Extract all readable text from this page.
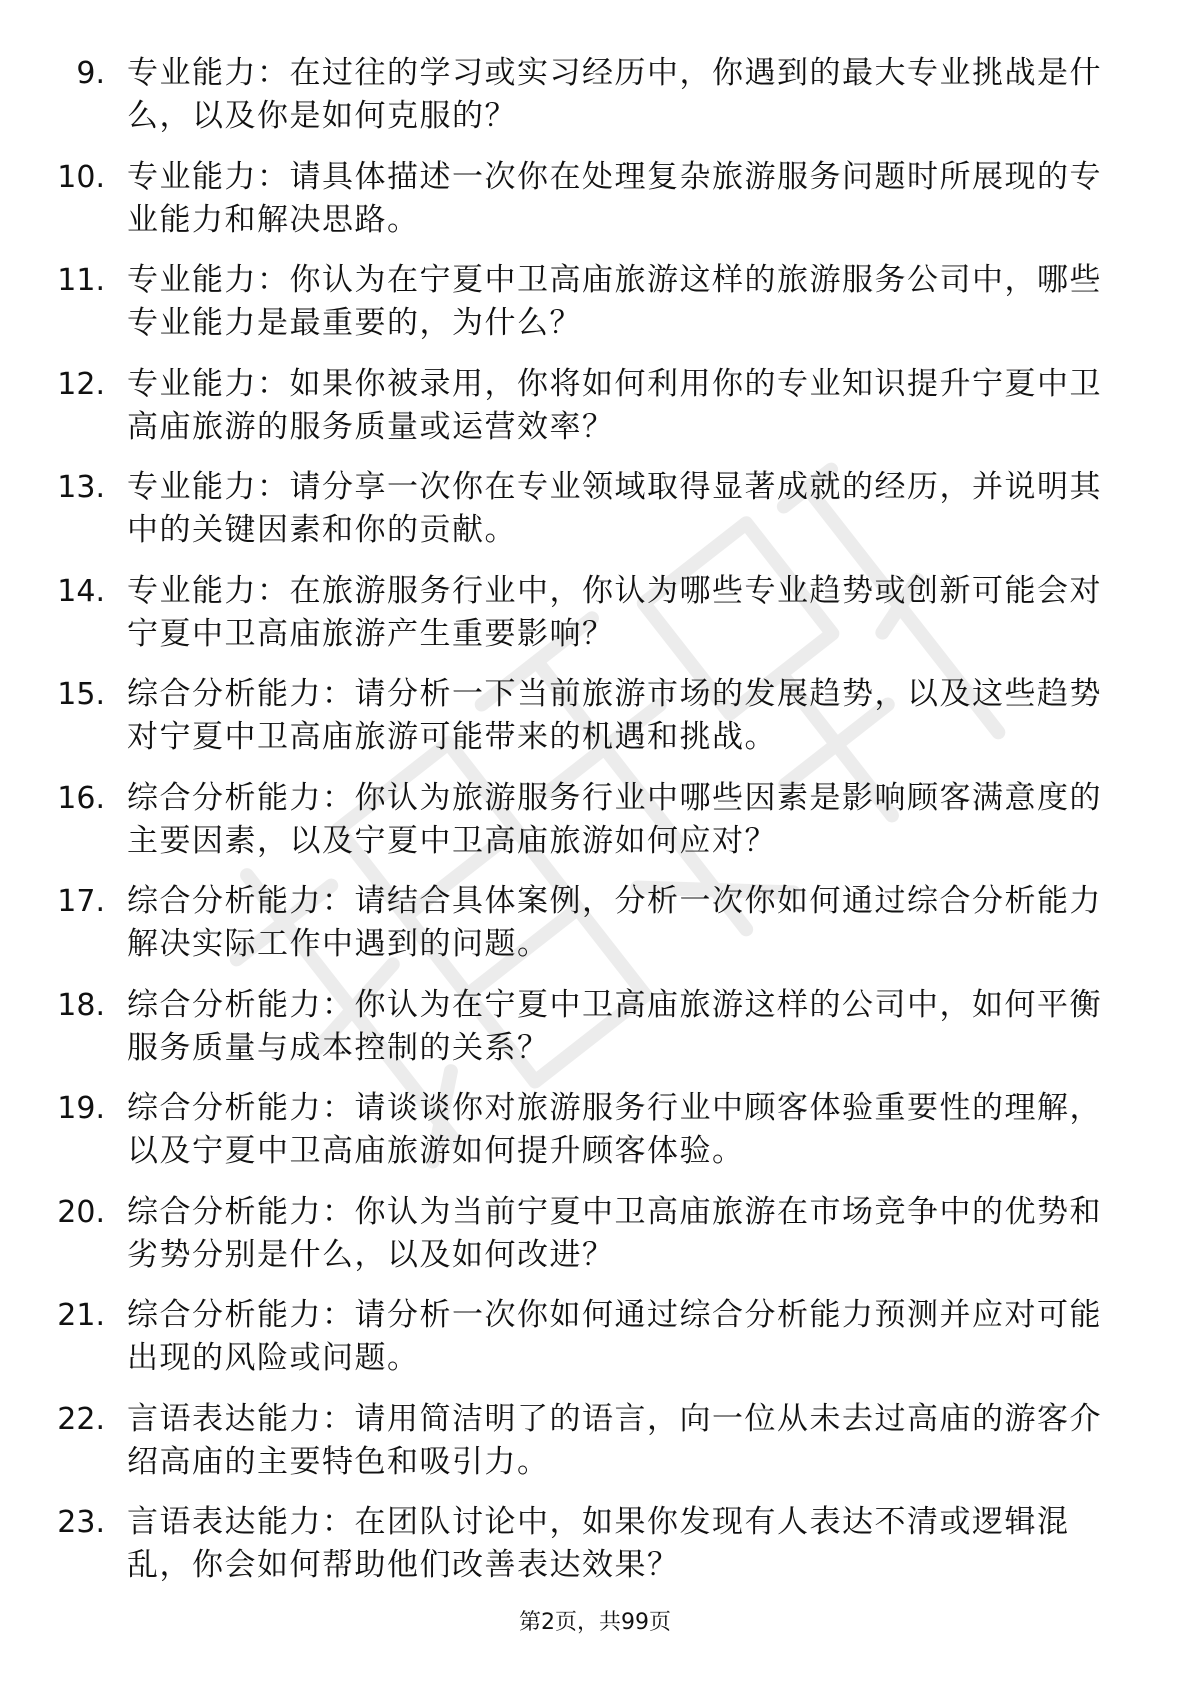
9. 专业能力：在过往的学习或实习经历中，你遇到的最大专业挑战是什么，以及你是如何克服的？
10. 专业能力：请具体描述一次你在处理复杂旅游服务问题时所展现的专业能力和解决思路。
11. 专业能力：你认为在宁夏中卫高庙旅游这样的旅游服务公司中，哪些专业能力是最重要的，为什么？
12. 专业能力：如果你被录用，你将如何利用你的专业知识提升宁夏中卫高庙旅游的服务质量或运营效率？
13. 专业能力：请分享一次你在专业领域取得显著成就的经历，并说明其中的关键因素和你的贡献。
14. 专业能力：在旅游服务行业中，你认为哪些专业趋势或创新可能会对宁夏中卫高庙旅游产生重要影响？
15. 综合分析能力：请分析一下当前旅游市场的发展趋势，以及这些趋势对宁夏中卫高庙旅游可能带来的机遇和挑战。
16. 综合分析能力：你认为旅游服务行业中哪些因素是影响顾客满意度的主要因素，以及宁夏中卫高庙旅游如何应对？
17. 综合分析能力：请结合具体案例，分析一次你如何通过综合分析能力解决实际工作中遇到的问题。
18. 综合分析能力：你认为在宁夏中卫高庙旅游这样的公司中，如何平衡服务质量与成本控制的关系？
19. 综合分析能力：请谈谈你对旅游服务行业中顾客体验重要性的理解，以及宁夏中卫高庙旅游如何提升顾客体验。
20. 综合分析能力：你认为当前宁夏中卫高庙旅游在市场竞争中的优势和劣势分别是什么，以及如何改进？
21. 综合分析能力：请分析一次你如何通过综合分析能力预测并应对可能出现的风险或问题。
22. 言语表达能力：请用简洁明了的语言，向一位从未去过高庙的游客介绍高庙的主要特色和吸引力。
23. 言语表达能力：在团队讨论中，如果你发现有人表达不清或逻辑混乱，你会如何帮助他们改善表达效果？
第2页，共99页
